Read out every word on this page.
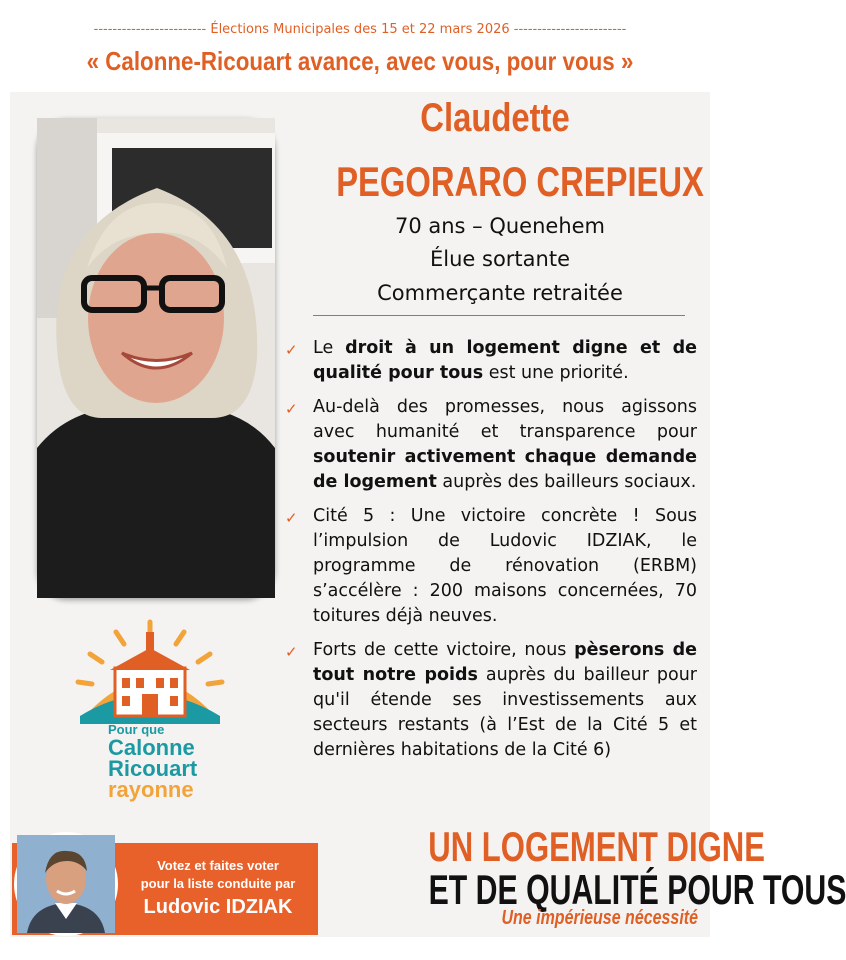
------------------------ Élections Municipales des 15 et 22 mars 2026 ------------------------
« Calonne-Ricouart avance, avec vous, pour vous »
Claudette
PEGORARO CREPIEUX
70 ans – Quenehem
Élue sortante
Commerçante retraitée
✓ Le droit à un logement digne et de qualité pour tous est une priorité.
✓ Au-delà des promesses, nous agissons avec humanité et transparence pour soutenir activement chaque demande de logement auprès des bailleurs sociaux.
✓ Cité 5 : Une victoire concrète ! Sous l’impulsion de Ludovic IDZIAK, le programme de rénovation (ERBM) s’accélère : 200 maisons concernées, 70 toitures déjà neuves.
✓ Forts de cette victoire, nous pèserons de tout notre poids auprès du bailleur pour qu'il étende ses investissements aux secteurs restants (à l’Est de la Cité 5 et dernières habitations de la Cité 6)
Pour que
Calonne
Ricouart
rayonne
Votez et faites voter
pour la liste conduite par
Ludovic IDZIAK
UN LOGEMENT DIGNE
ET DE QUALITÉ POUR TOUS
Une impérieuse nécessité
